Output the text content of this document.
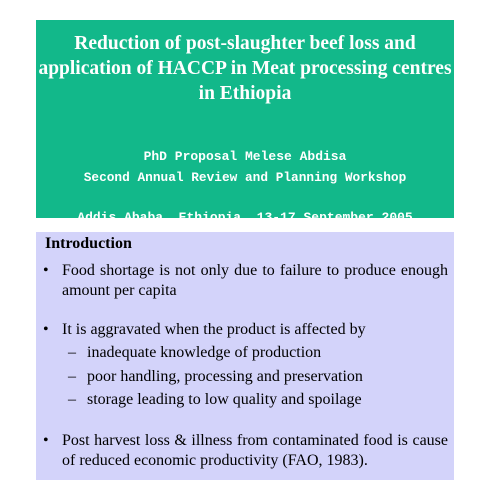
Reduction of post-slaughter beef loss and application of HACCP in Meat processing centres in Ethiopia
PhD Proposal Melese Abdisa
Second Annual Review and Planning Workshop
Addis Ababa, Ethiopia, 13-17 September 2005
Introduction
• Food shortage is not only due to failure to produce enough amount per capita
• It is aggravated when the product is affected by
– inadequate knowledge of production
– poor handling, processing and preservation
– storage leading to low quality and spoilage
• Post harvest loss & illness from contaminated food is cause of reduced economic productivity (FAO, 1983).
